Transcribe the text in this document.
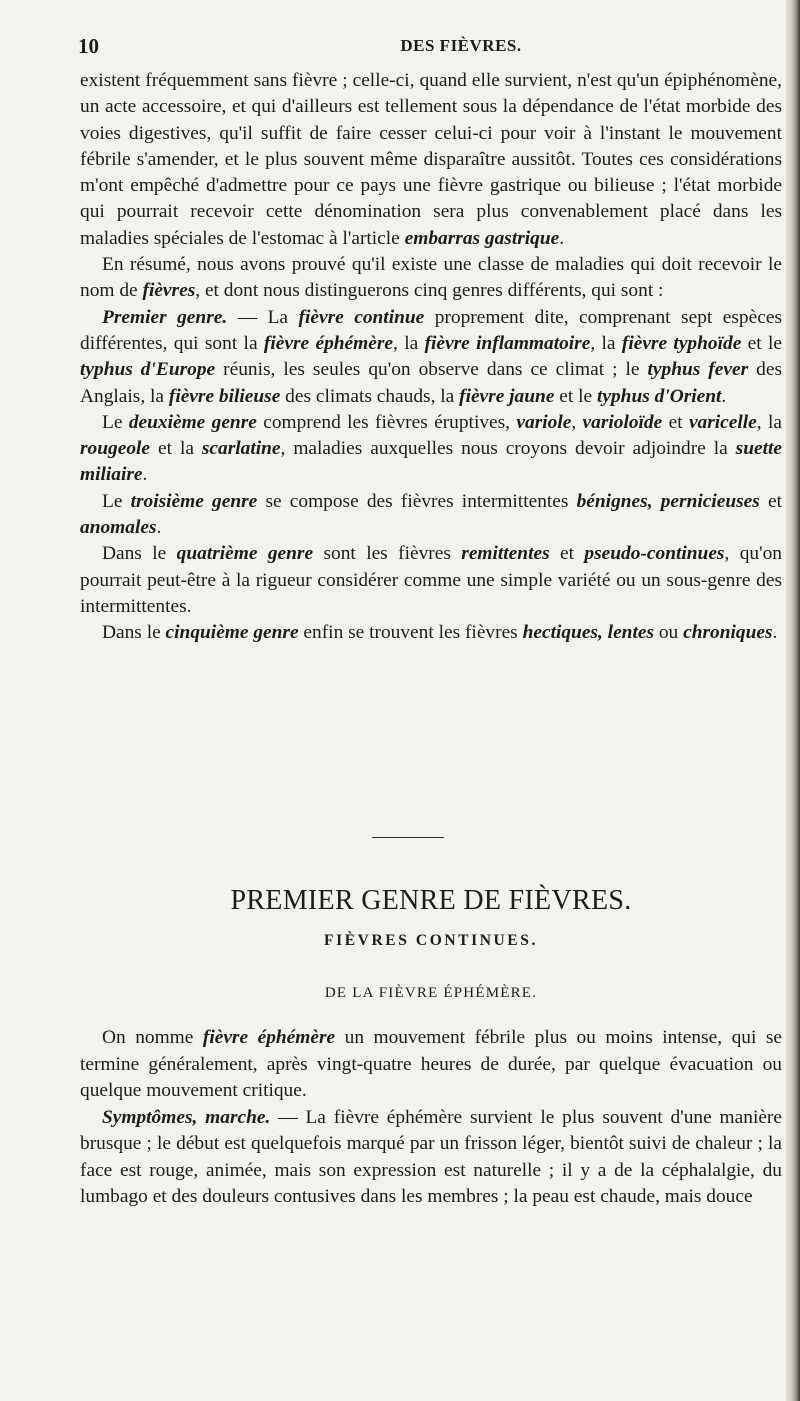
10	DES FIÈVRES.

existent fréquemment sans fièvre ; celle-ci, quand elle survient, n'est qu'un épiphénomène, un acte accessoire, et qui d'ailleurs est tellement sous la dépendance de l'état morbide des voies digestives, qu'il suffit de faire cesser celui-ci pour voir à l'instant le mouvement fébrile s'amender, et le plus souvent même disparaître aussitôt. Toutes ces considérations m'ont empêché d'admettre pour ce pays une fièvre gastrique ou bilieuse ; l'état morbide qui pourrait recevoir cette dénomination sera plus convenablement placé dans les maladies spéciales de l'estomac à l'article embarras gastrique.

En résumé, nous avons prouvé qu'il existe une classe de maladies qui doit recevoir le nom de fièvres, et dont nous distinguerons cinq genres différents, qui sont :

Premier genre. — La fièvre continue proprement dite, comprenant sept espèces différentes, qui sont la fièvre éphémère, la fièvre inflammatoire, la fièvre typhoïde et le typhus d'Europe réunis, les seules qu'on observe dans ce climat ; le typhus fever des Anglais, la fièvre bilieuse des climats chauds, la fièvre jaune et le typhus d'Orient.

Le deuxième genre comprend les fièvres éruptives, variole, varioloïde et varicelle, la rougeole et la scarlatine, maladies auxquelles nous croyons devoir adjoindre la suette miliaire.

Le troisième genre se compose des fièvres intermittentes bénignes, pernicieuses et anomales.

Dans le quatrième genre sont les fièvres remittentes et pseudo-continues, qu'on pourrait peut-être à la rigueur considérer comme une simple variété ou un sous-genre des intermittentes.

Dans le cinquième genre enfin se trouvent les fièvres hectiques, lentes ou chroniques.

PREMIER GENRE DE FIÈVRES.
FIÈVRES CONTINUES.
DE LA FIÈVRE ÉPHÉMÈRE.

On nomme fièvre éphémère un mouvement fébrile plus ou moins intense, qui se termine généralement, après vingt-quatre heures de durée, par quelque évacuation ou quelque mouvement critique.

Symptômes, marche. — La fièvre éphémère survient le plus souvent d'une manière brusque ; le début est quelquefois marqué par un frisson léger, bientôt suivi de chaleur ; la face est rouge, animée, mais son expression est naturelle ; il y a de la céphalalgie, du lumbago et des douleurs contusives dans les membres ; la peau est chaude, mais douce
